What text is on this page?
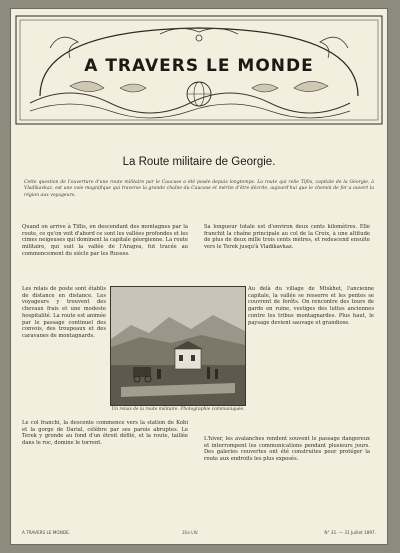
A TRAVERS LE MONDE
La Route militaire de Georgie.
Cette question de l'ouverture d'une route militaire par le Caucase a été posée depuis longtemps. La route qui relie Tiflis, capitale de la Géorgie, à Vladikavkaz, est une voie magnifique qui traverse la grande chaîne du Caucase et mérite d'être décrite, aujourd'hui que le chemin de fer a ouvert la région aux voyageurs.

Quand on arrive à Tiflis, en descendant des montagnes par la route, ce qu'on voit d'abord ce sont les vallées profondes et les cimes neigeuses qui dominent la capitale géorgienne. La route militaire, qui suit la vallée de l'Aragva, fut tracée au commencement du siècle par les Russes.

Sa longueur totale est d'environ deux cents kilomètres. Elle franchit la chaîne principale au col de la Croix, à une altitude de plus de deux mille trois cents mètres, et redescend ensuite vers le Terek jusqu'à Vladikavkaz.

Les relais de poste sont établis de distance en distance. Les voyageurs y trouvent des chevaux frais et une modeste hospitalité. La route est animée par le passage continuel des convois, des troupeaux et des caravanes de montagnards.
Un relais de la route militaire. Photographie communiquée.
Au delà du village de Mtskhet, l'ancienne capitale, la vallée se resserre et les pentes se couvrent de forêts. On rencontre des tours de garde en ruine, vestiges des luttes anciennes contre les tribus montagnardes. Plus haut, le paysage devient sauvage et grandiose.

Le col franchi, la descente commence vers la station de Kobi et la gorge de Darial, célèbre par ses parois abruptes. Le Terek y gronde au fond d'un étroit défilé, et la route, taillée dans le roc, domine le torrent.

L'hiver, les avalanches rendent souvent le passage dangereux et interrompent les communications pendant plusieurs jours. Des galeries couvertes ont été construites pour protéger la route aux endroits les plus exposés.

A TRAVERS LE MONDE.	31e LIV.	N° 31. — 31 Juillet 1897.
